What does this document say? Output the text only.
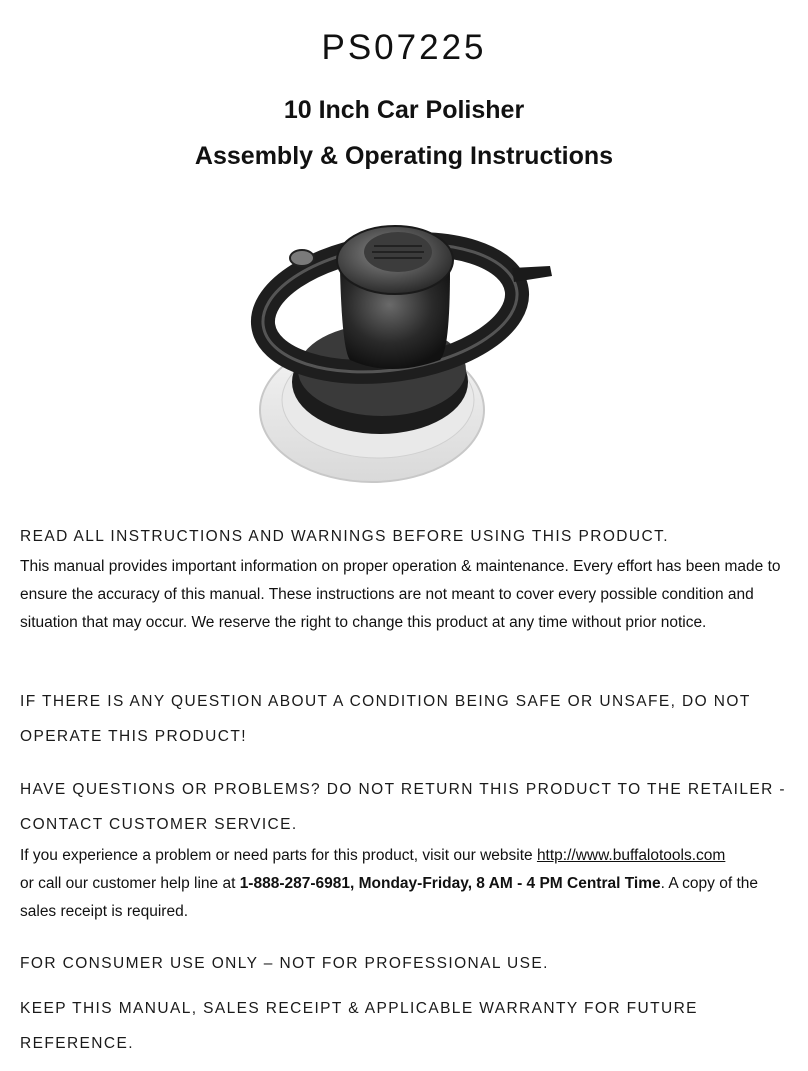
PS07225
10 Inch Car Polisher
Assembly & Operating Instructions
READ ALL INSTRUCTIONS AND WARNINGS BEFORE USING THIS PRODUCT.
This manual provides important information on proper operation & maintenance. Every effort has been made to ensure the accuracy of this manual. These instructions are not meant to cover every possible condition and situation that may occur. We reserve the right to change this product at any time without prior notice.
IF THERE IS ANY QUESTION ABOUT A CONDITION BEING SAFE OR UNSAFE, DO NOT OPERATE THIS PRODUCT!
HAVE QUESTIONS OR PROBLEMS? DO NOT RETURN THIS PRODUCT TO THE RETAILER - CONTACT CUSTOMER SERVICE.
If you experience a problem or need parts for this product, visit our website http://www.buffalotools.com
or call our customer help line at 1-888-287-6981, Monday-Friday, 8 AM - 4 PM Central Time. A copy of the sales receipt is required.
FOR CONSUMER USE ONLY – NOT FOR PROFESSIONAL USE.
KEEP THIS MANUAL, SALES RECEIPT & APPLICABLE WARRANTY FOR FUTURE REFERENCE.
